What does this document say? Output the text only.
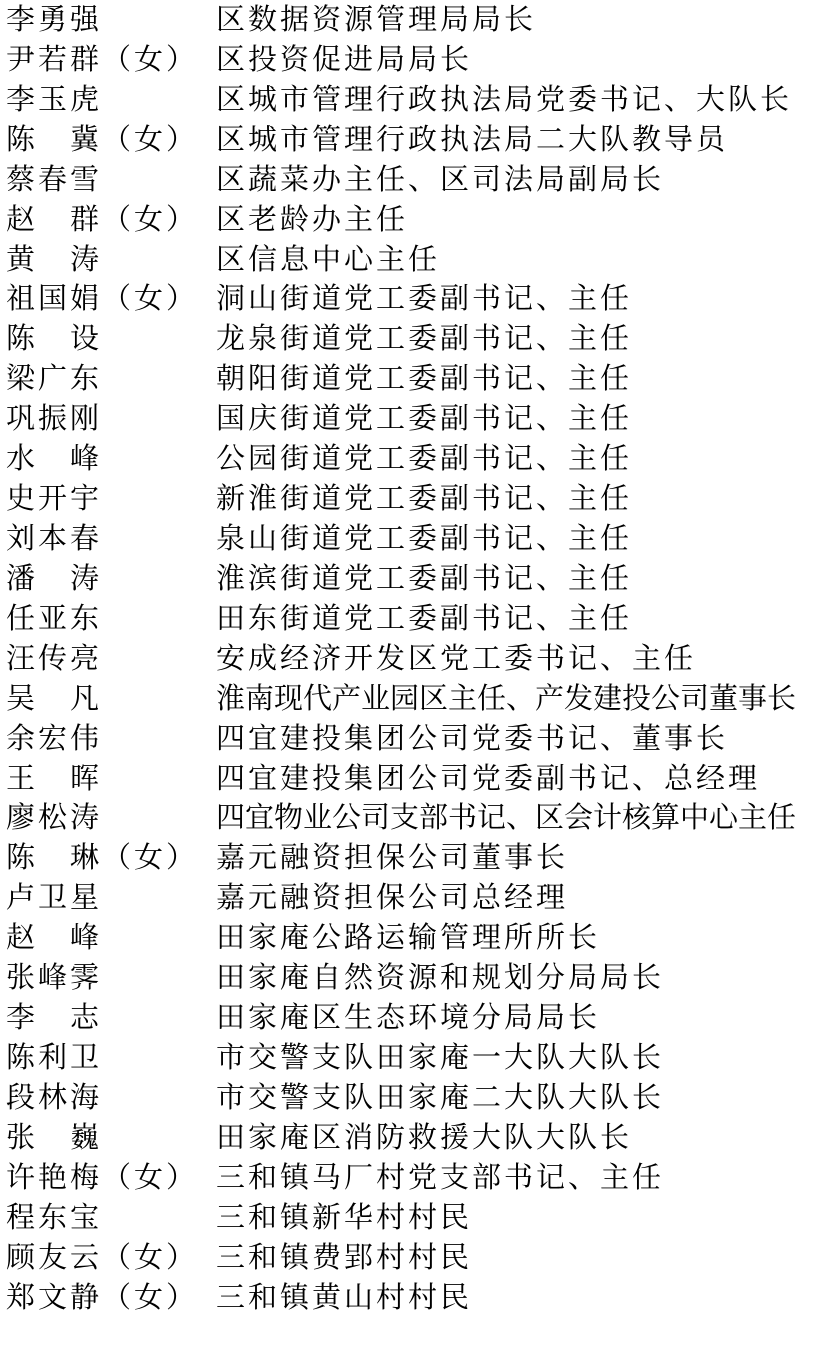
李勇强	区数据资源管理局局长
尹若群（女） 区投资促进局局长
李玉虎	区城市管理行政执法局党委书记、大队长
陈　冀（女） 区城市管理行政执法局二大队教导员
蔡春雪	区蔬菜办主任、区司法局副局长
赵　群（女） 区老龄办主任
黄　涛	区信息中心主任
祖国娟（女） 洞山街道党工委副书记、主任
陈　设	龙泉街道党工委副书记、主任
梁广东	朝阳街道党工委副书记、主任
巩振刚	国庆街道党工委副书记、主任
水　峰	公园街道党工委副书记、主任
史开宇	新淮街道党工委副书记、主任
刘本春	泉山街道党工委副书记、主任
潘　涛	淮滨街道党工委副书记、主任
任亚东	田东街道党工委副书记、主任
汪传亮	安成经济开发区党工委书记、主任
吴　凡	淮南现代产业园区主任、产发建投公司董事长
余宏伟	四宜建投集团公司党委书记、董事长
王　晖	四宜建投集团公司党委副书记、总经理
廖松涛	四宜物业公司支部书记、区会计核算中心主任
陈　琳（女） 嘉元融资担保公司董事长
卢卫星	嘉元融资担保公司总经理
赵　峰	田家庵公路运输管理所所长
张峰霁	田家庵自然资源和规划分局局长
李　志	田家庵区生态环境分局局长
陈利卫	市交警支队田家庵一大队大队长
段林海	市交警支队田家庵二大队大队长
张　巍	田家庵区消防救援大队大队长
许艳梅（女） 三和镇马厂村党支部书记、主任
程东宝	三和镇新华村村民
顾友云（女） 三和镇费郢村村民
郑文静（女） 三和镇黄山村村民
